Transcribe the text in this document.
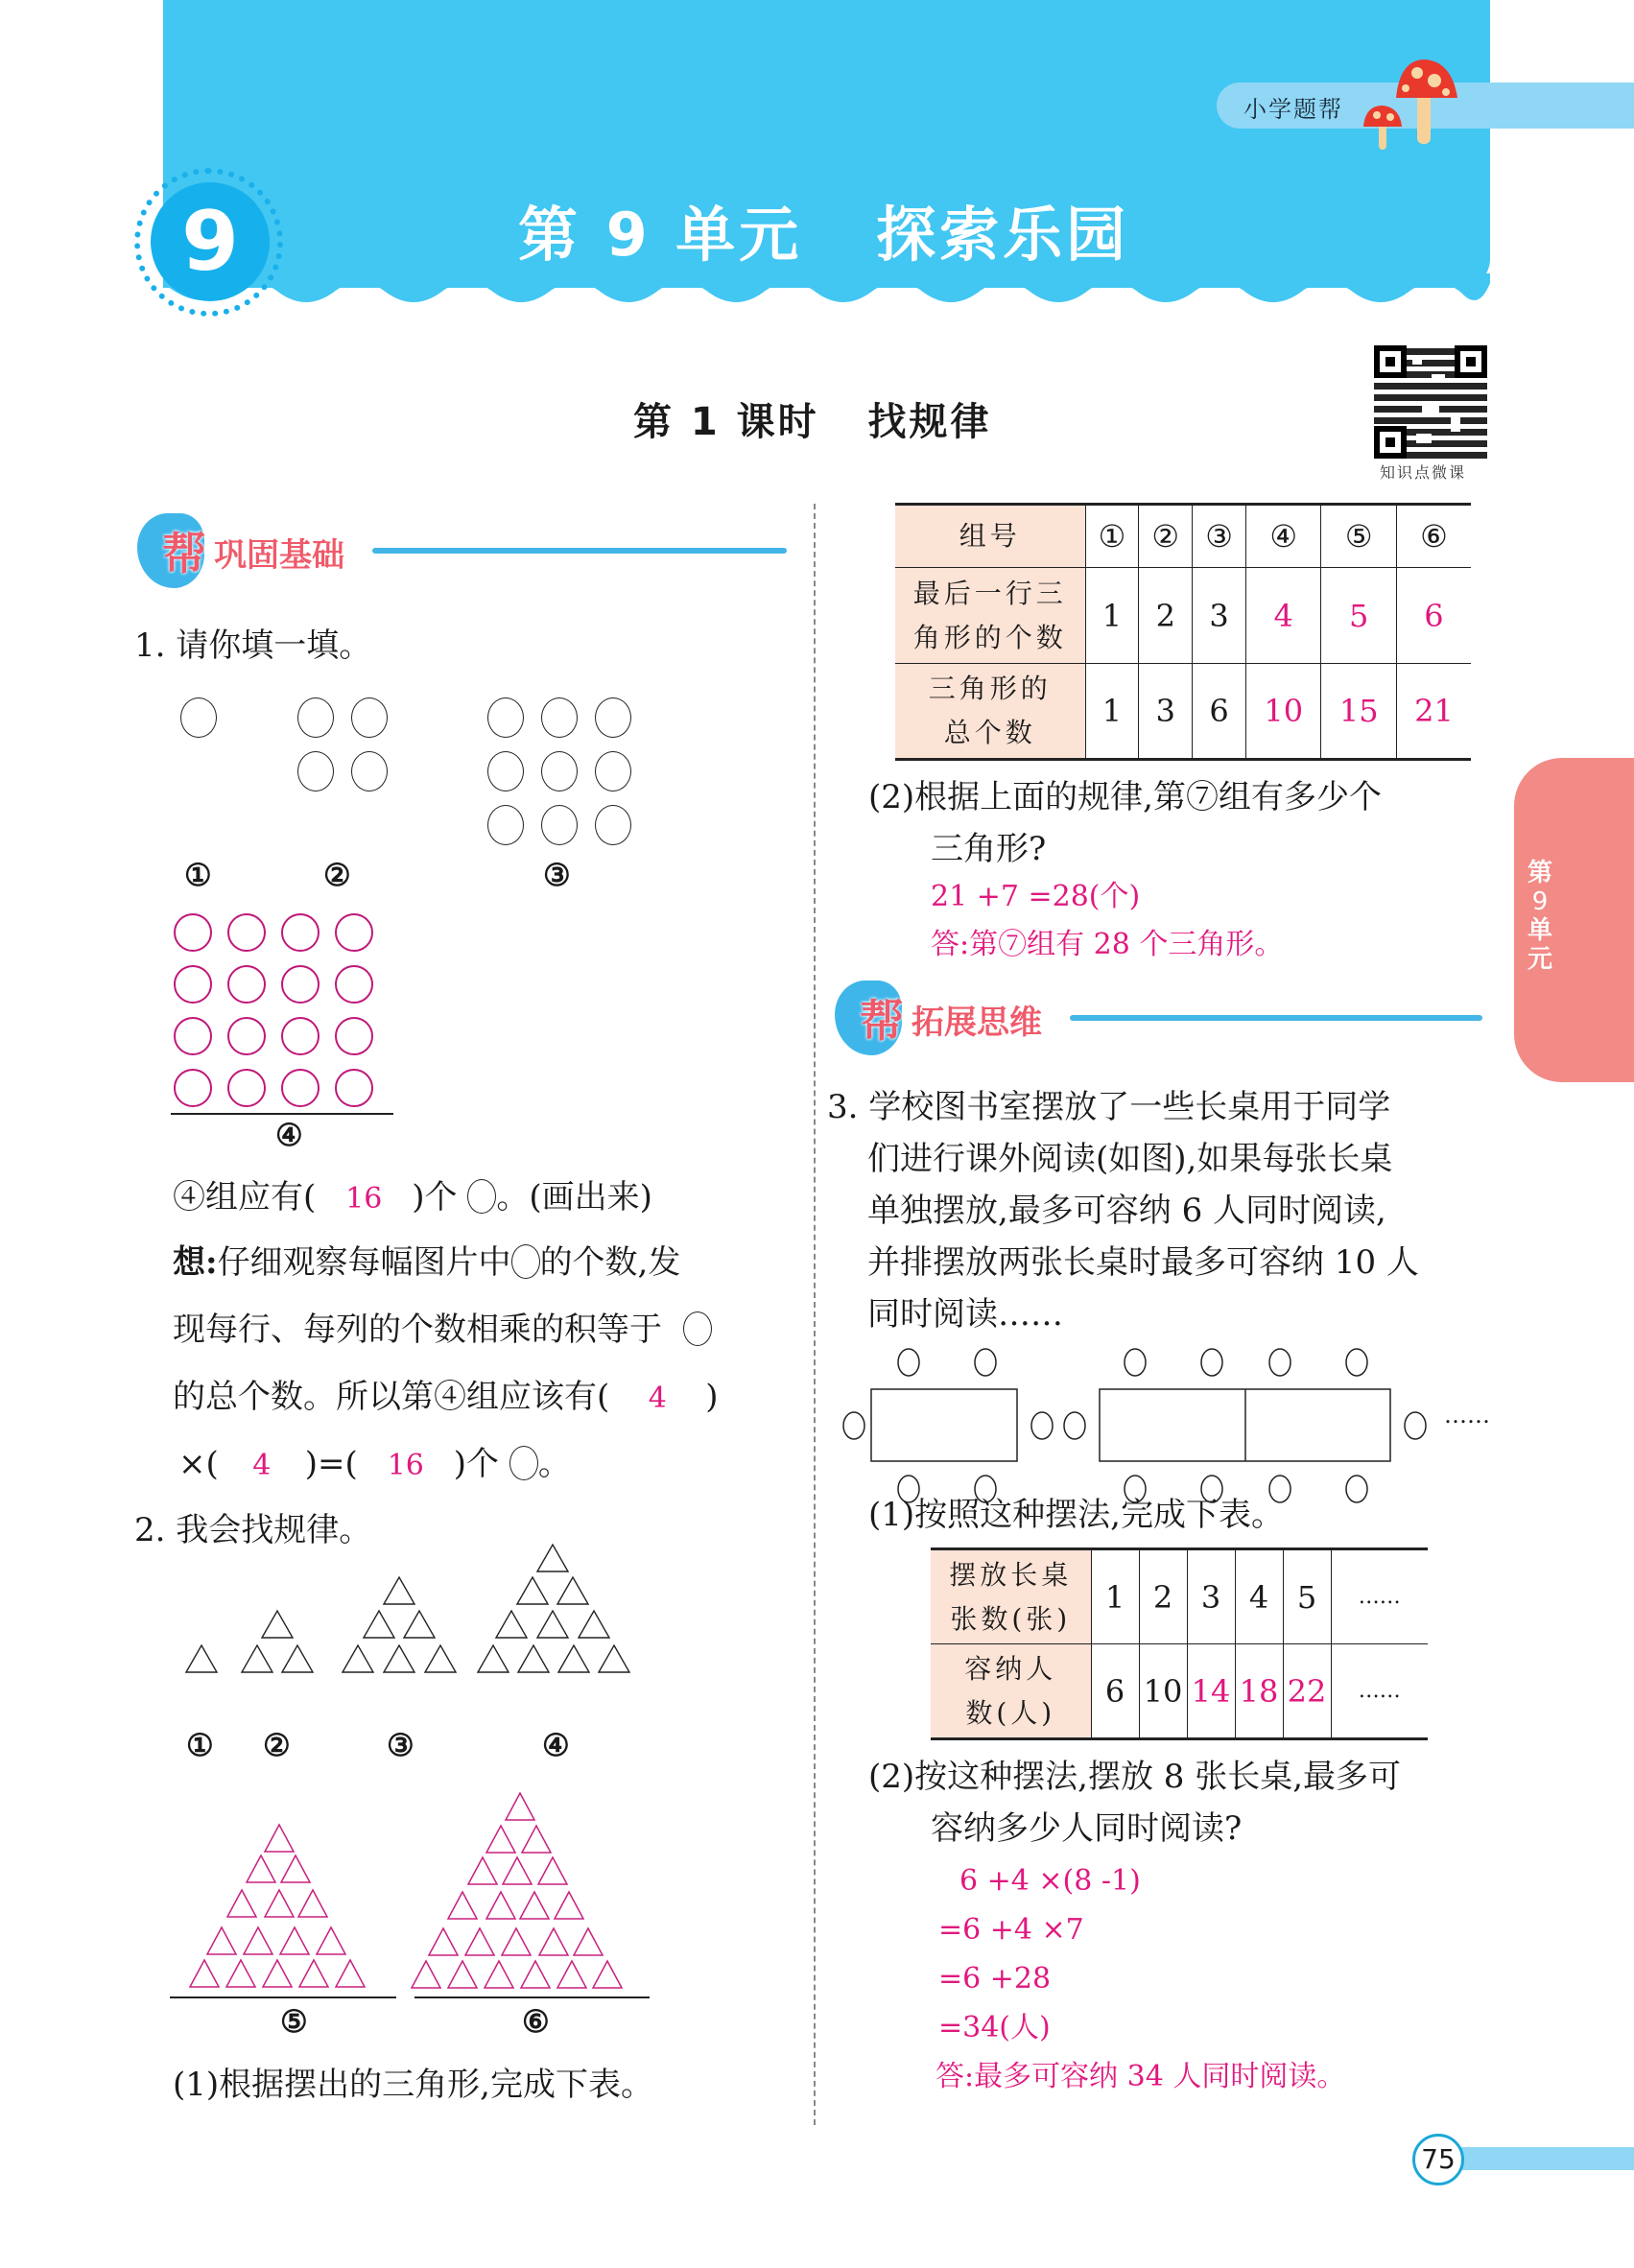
小学题帮
9	第 9 单元   探索乐园
第 1 课时   找规律
知识点微课
帮 巩固基础
1. 请你填一填。
①	②	③
④
④组应有( 16 )个 。(画出来)
想:仔细观察每幅图片中 的个数,发
现每行、每列的个数相乘的积等于
的总个数。所以第④组应该有( 4 )
×( 4 )=( 16 )个 。
2. 我会找规律。
① ②	③	④
⑤	⑥
(1)根据摆出的三角形,完成下表。
组号	①	②	③	④	⑤	⑥

最后一行三
角形的个数	1	2	3	4	5	6

三角形的
总个数	1	3	6	10	15	21
(2)根据上面的规律,第⑦组有多少个
三角形?
21 +7 =28(个)
答:第⑦组有 28 个三角形。
帮 拓展思维
3. 学校图书室摆放了一些长桌用于同学
们进行课外阅读(如图),如果每张长桌
单独摆放,最多可容纳 6 人同时阅读,
并排摆放两张长桌时最多可容纳 10 人
同时阅读……
……
(1)按照这种摆法,完成下表。
摆放长桌
张数(张)	1	2	3	4	5	……

容纳人
数(人)	6	10	14	18	22	……
(2)按这种摆法,摆放 8 张长桌,最多可
容纳多少人同时阅读?
6 +4 ×(8 -1)
=6 +4 ×7
=6 +28
=34(人)
答:最多可容纳 34 人同时阅读。
第
9
单
元
75
